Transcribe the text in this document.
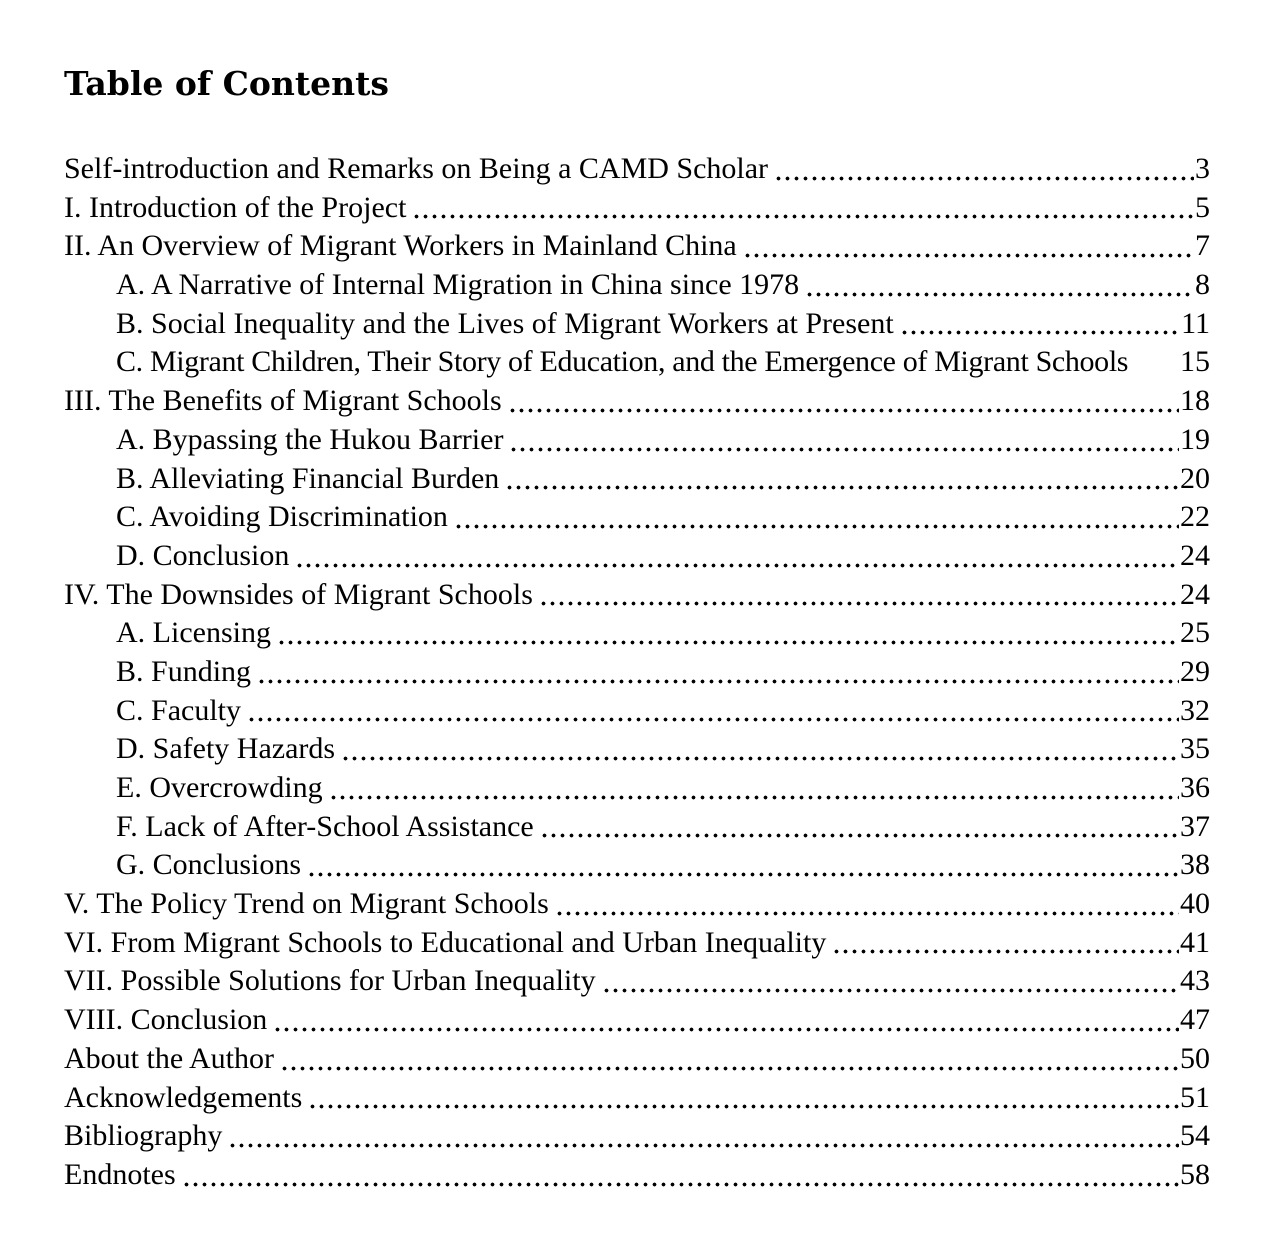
Table of Contents
Self-introduction and Remarks on Being a CAMD Scholar	3
I. Introduction of the Project	5
II. An Overview of Migrant Workers in Mainland China	7
A. A Narrative of Internal Migration in China since 1978	8
B. Social Inequality and the Lives of Migrant Workers at Present	11
C. Migrant Children, Their Story of Education, and the Emergence of Migrant Schools 15
III. The Benefits of Migrant Schools	18
A. Bypassing the Hukou Barrier	19
B. Alleviating Financial Burden	20
C. Avoiding Discrimination	22
D. Conclusion	24
IV. The Downsides of Migrant Schools	24
A. Licensing	25
B. Funding	29
C. Faculty	32
D. Safety Hazards	35
E. Overcrowding	36
F. Lack of After-School Assistance	37
G. Conclusions	38
V. The Policy Trend on Migrant Schools	40
VI. From Migrant Schools to Educational and Urban Inequality	41
VII. Possible Solutions for Urban Inequality	43
VIII. Conclusion	47
About the Author	50
Acknowledgements	51
Bibliography	54
Endnotes	58
